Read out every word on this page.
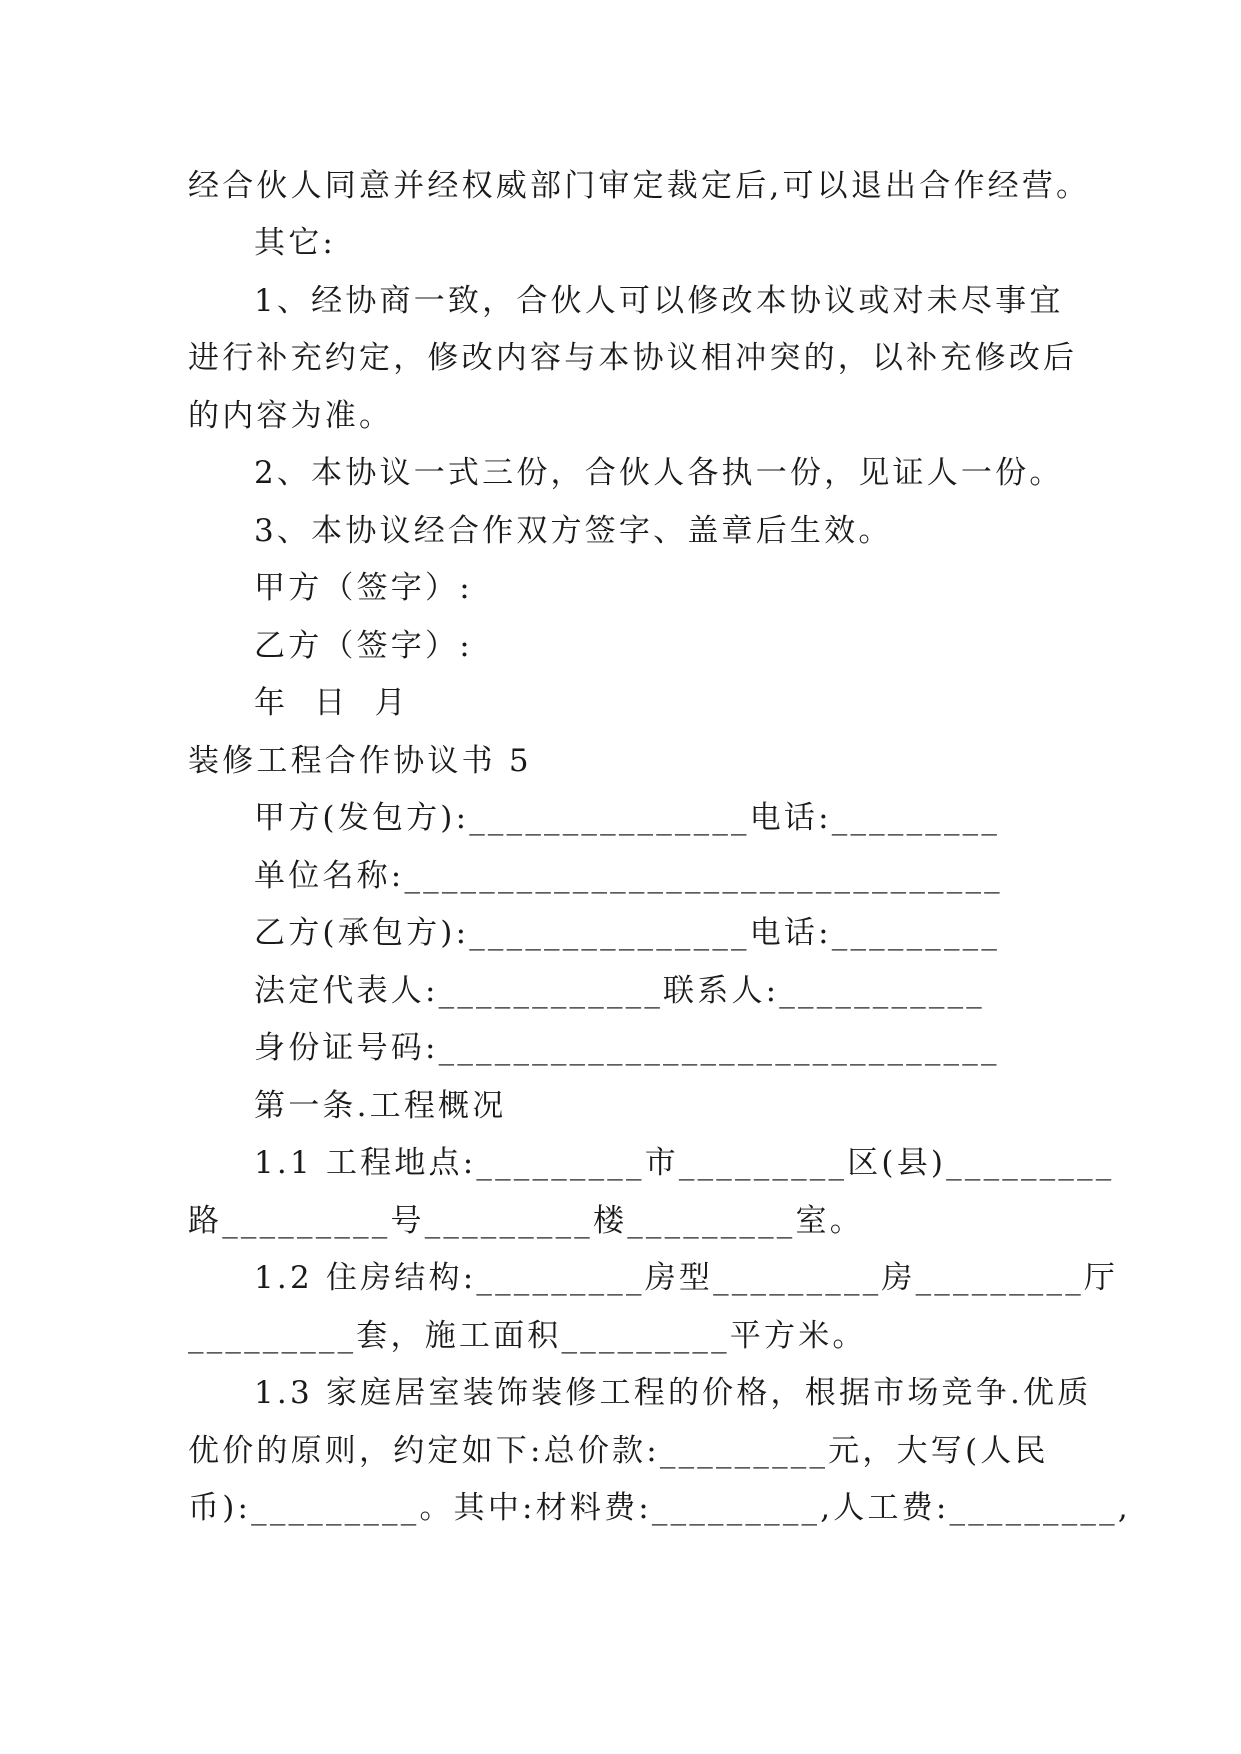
经合伙人同意并经权威部门审定裁定后,可以退出合作经营。
其它:
1、经协商一致，合伙人可以修改本协议或对未尽事宜
进行补充约定，修改内容与本协议相冲突的，以补充修改后
的内容为准。
2、本协议一式三份，合伙人各执一份，见证人一份。
3、本协议经合作双方签字、盖章后生效。
甲方（签字）:
乙方（签字）:
年  日  月
装修工程合作协议书 5
甲方(发包方):_______________电话:_________
单位名称:________________________________
乙方(承包方):_______________电话:_________
法定代表人:____________联系人:___________
身份证号码:______________________________
第一条.工程概况
1.1 工程地点:_________市_________区(县)_________
路_________号_________楼_________室。
1.2 住房结构:_________房型_________房_________厅
_________套，施工面积_________平方米。
1.3 家庭居室装饰装修工程的价格，根据市场竞争.优质
优价的原则，约定如下:总价款:_________元，大写(人民
币):_________。其中:材料费:_________,人工费:_________,
